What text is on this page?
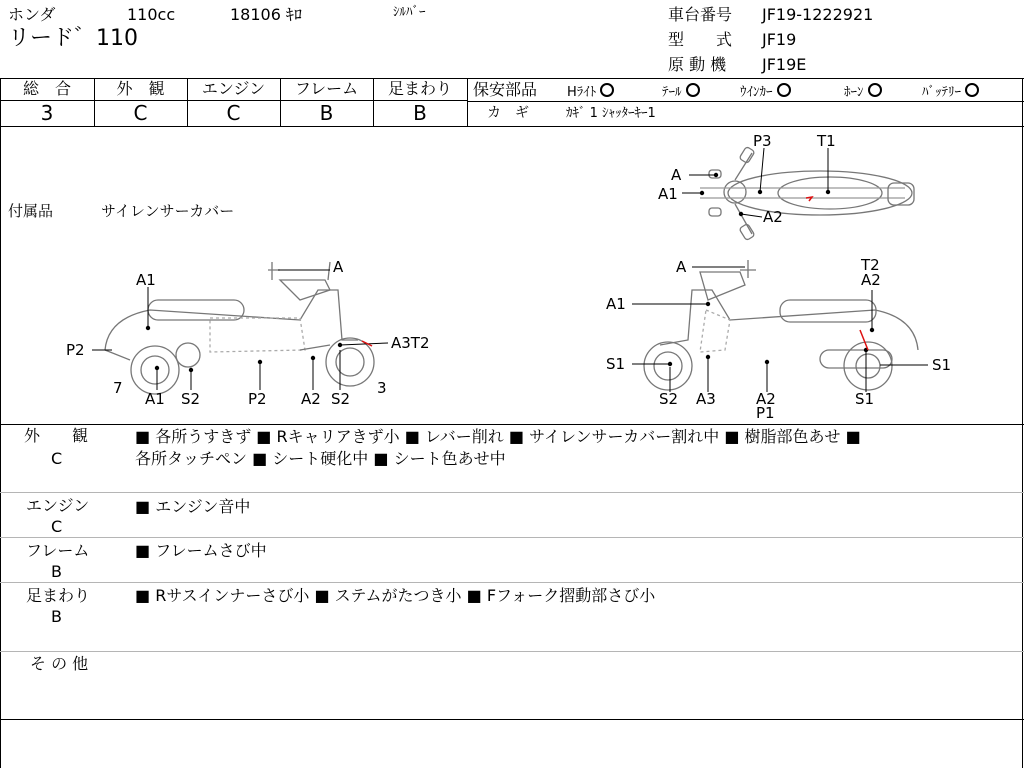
ホンダ	110cc	18106 ｷﾛ	ｼﾙﾊﾞｰ
リード゛110
車台番号 JF19-1222921
型　　式 JF19
原 動 機 JF19E
総　合	外　観	エンジン	フレーム	足まわり
3	C	C	B	B
保安部品 Hﾗｲﾄ	ﾃｰﾙ	ｳｲﾝｶｰ	ﾎｰﾝ	ﾊﾞｯﾃﾘｰ
カ　ギ	ｶｷﾞ 1 ｼｬｯﾀｰｷｰ1
付属品	サイレンサーカバー
P3	T1
A
A1
A2
A1
A
P2	A3T2
7
A1 S2	P2 A2 S2
3
A	T2
A2
A1
S1	S1
S2 A3	A2
P1
S1
外　　観
C
■ 各所うすきず ■ Rキャリアきず小 ■ レバー削れ ■ サイレンサーカバー割れ中 ■ 樹脂部色あせ ■
各所タッチペン ■ シート硬化中 ■ シート色あせ中
エンジン
C
■ エンジン音中
フレーム
B
■ フレームさび中
足まわり
B
■ Rサスインナーさび小 ■ ステムがたつき小 ■ Fフォーク摺動部さび小
そ の 他
